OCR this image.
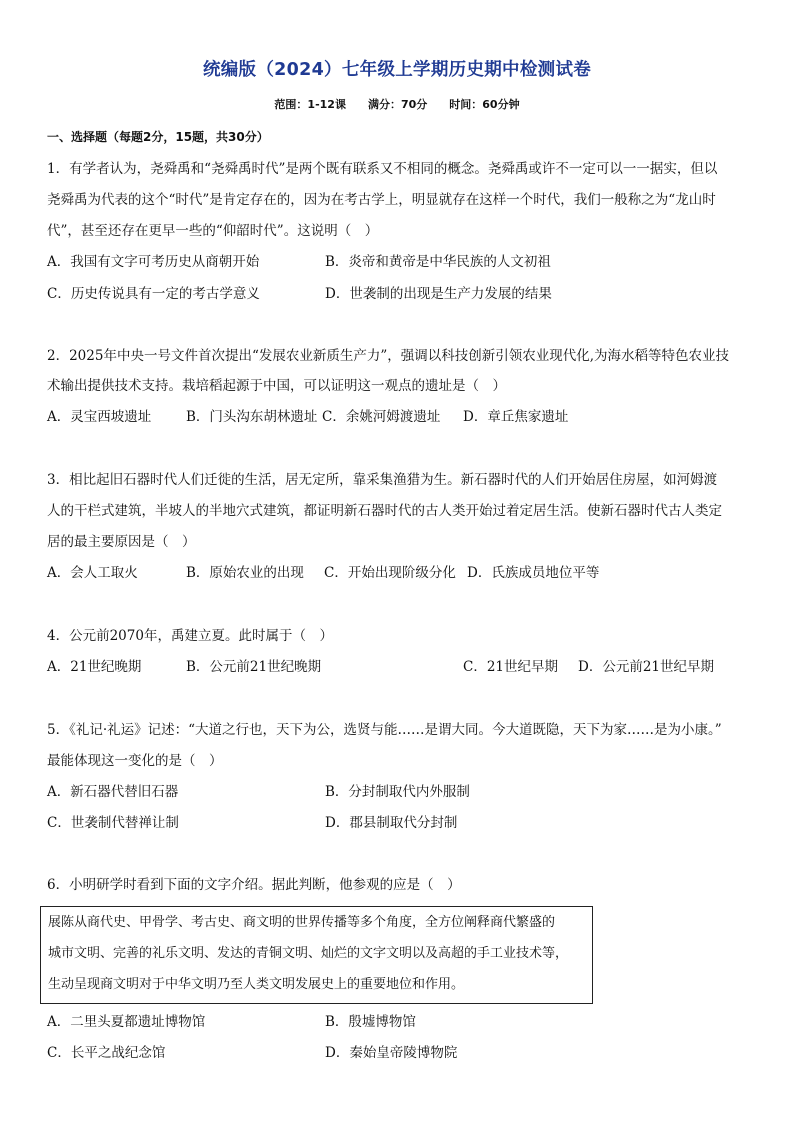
统编版（2024）七年级上学期历史期中检测试卷
范围：1-12课 满分：70分 时间：60分钟
一、选择题（每题2分，15题，共30分）
1．有学者认为，尧舜禹和“尧舜禹时代”是两个既有联系又不相同的概念。尧舜禹或许不一定可以一一据实，但以
尧舜禹为代表的这个“时代”是肯定存在的，因为在考古学上，明显就存在这样一个时代，我们一般称之为“龙山时
代”，甚至还存在更早一些的“仰韶时代”。这说明（　）
A．我国有文字可考历史从商朝开始	B．炎帝和黄帝是中华民族的人文初祖
C．历史传说具有一定的考古学意义	D．世袭制的出现是生产力发展的结果
2．2025年中央一号文件首次提出“发展农业新质生产力”，强调以科技创新引领农业现代化,为海水稻等特色农业技
术输出提供技术支持。栽培稻起源于中国，可以证明这一观点的遗址是（　）
A．灵宝西坡遗址	B．门头沟东胡林遗址 C．余姚河姆渡遗址 D．章丘焦家遗址
3．相比起旧石器时代人们迁徙的生活，居无定所，靠采集渔猎为生。新石器时代的人们开始居住房屋，如河姆渡
人的干栏式建筑，半坡人的半地穴式建筑，都证明新石器时代的古人类开始过着定居生活。使新石器时代古人类定
居的最主要原因是（　）
A．会人工取火	B．原始农业的出现 C．开始出现阶级分化 D．氏族成员地位平等
4．公元前2070年，禹建立夏。此时属于（　）
A．21世纪晚期	B．公元前21世纪晚期	C．21世纪早期 D．公元前21世纪早期
5．《礼记·礼运》记述：“大道之行也，天下为公，选贤与能……是谓大同。今大道既隐，天下为家……是为小康。”
最能体现这一变化的是（　）
A．新石器代替旧石器	B．分封制取代内外服制
C．世袭制代替禅让制	D．郡县制取代分封制
6．小明研学时看到下面的文字介绍。据此判断，他参观的应是（　）
展陈从商代史、甲骨学、考古史、商文明的世界传播等多个角度，全方位阐释商代繁盛的
城市文明、完善的礼乐文明、发达的青铜文明、灿烂的文字文明以及高超的手工业技术等，
生动呈现商文明对于中华文明乃至人类文明发展史上的重要地位和作用。
A．二里头夏都遗址博物馆	B．殷墟博物馆
C．长平之战纪念馆	D．秦始皇帝陵博物院
